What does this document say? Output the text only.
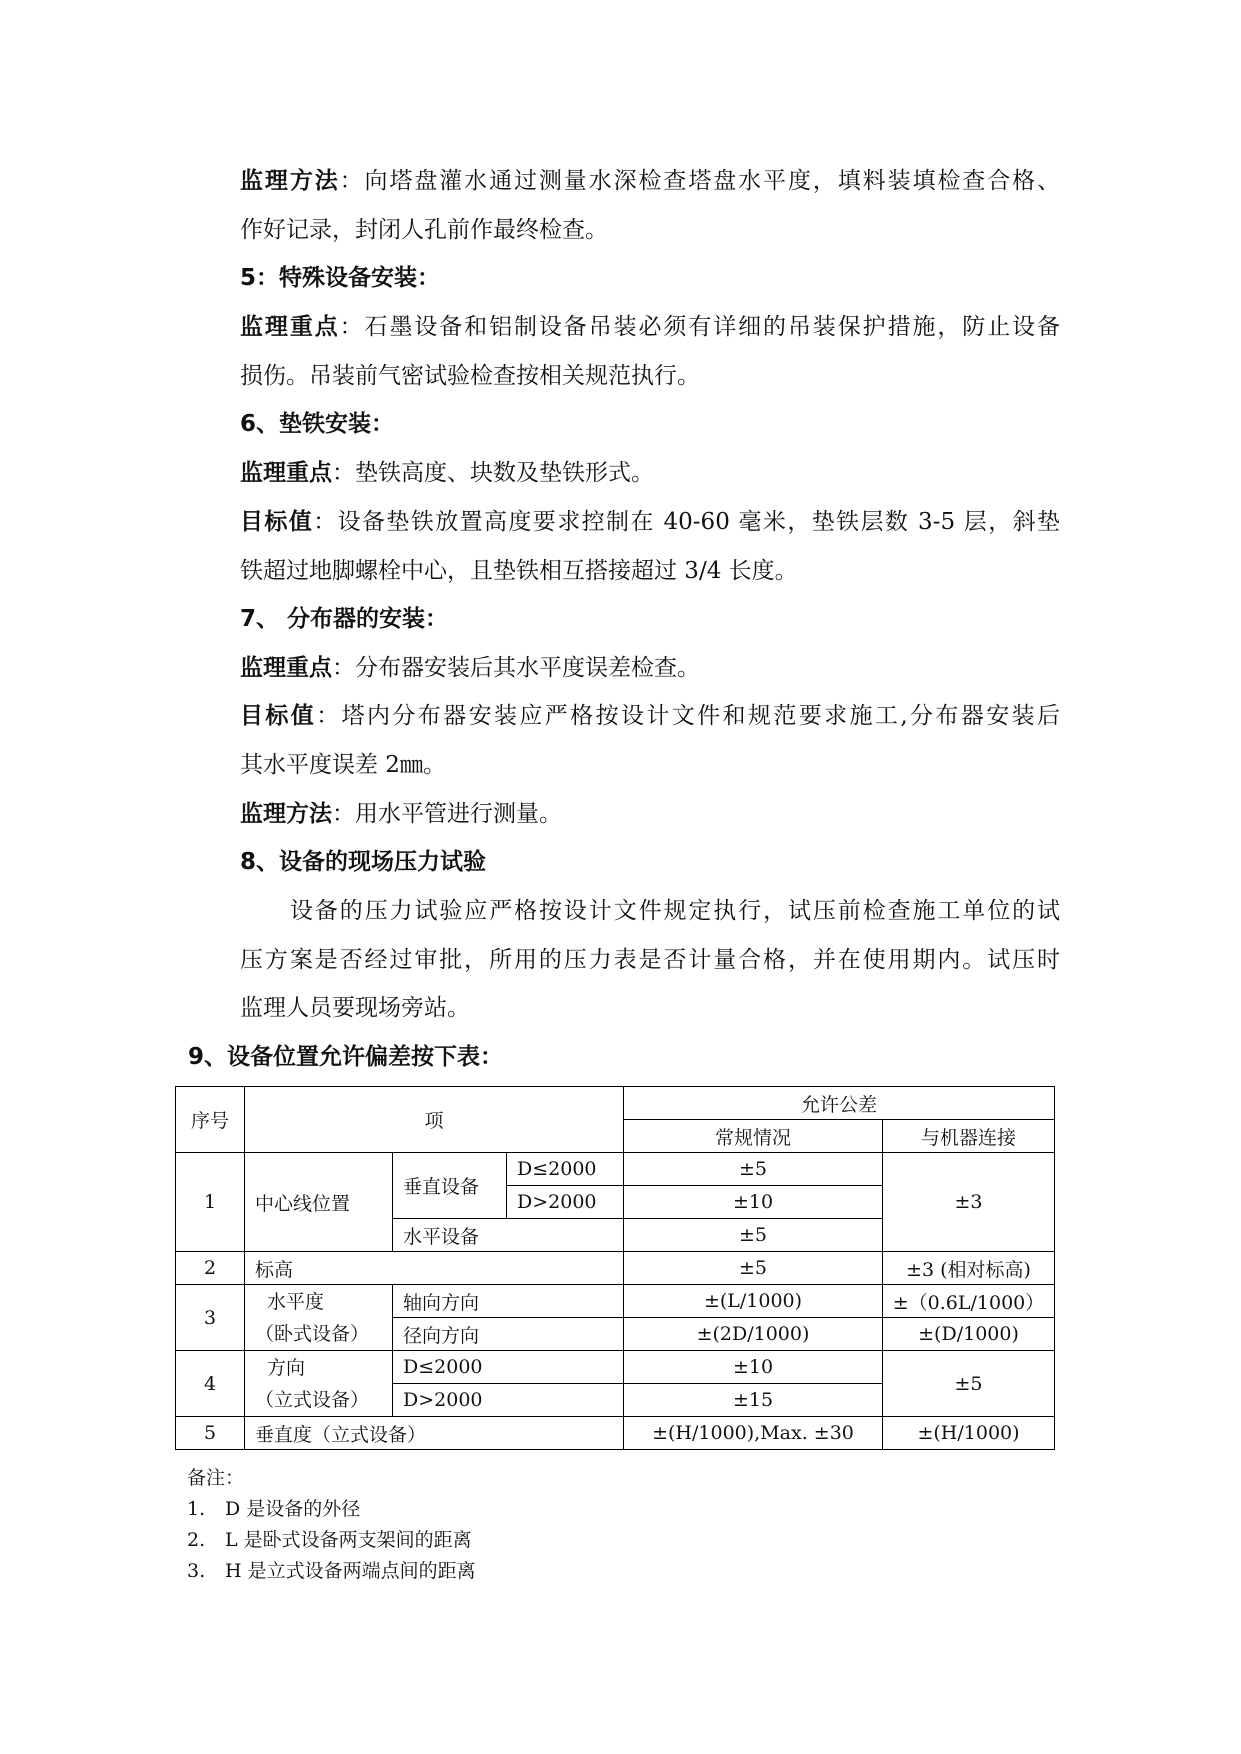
监理方法：向塔盘灌水通过测量水深检查塔盘水平度，填料装填检查合格、
作好记录，封闭人孔前作最终检查。
5：特殊设备安装：
监理重点：石墨设备和铝制设备吊装必须有详细的吊装保护措施，防止设备
损伤。吊装前气密试验检查按相关规范执行。
6、垫铁安装：
监理重点：垫铁高度、块数及垫铁形式。
目标值：设备垫铁放置高度要求控制在 40-60 毫米，垫铁层数 3-5 层，斜垫
铁超过地脚螺栓中心，且垫铁相互搭接超过 3/4 长度。
7、 分布器的安装：
监理重点：分布器安装后其水平度误差检查。
目标值：塔内分布器安装应严格按设计文件和规范要求施工,分布器安装后
其水平度误差 2㎜。
监理方法：用水平管进行测量。
8、设备的现场压力试验
设备的压力试验应严格按设计文件规定执行，试压前检查施工单位的试
压方案是否经过审批，所用的压力表是否计量合格，并在使用期内。试压时
监理人员要现场旁站。
9、设备位置允许偏差按下表：
序号	项			允许公差	
				常规情况	与机器连接
1	中心线位置	垂直设备	D≤2000	±5	±3
			D>2000	±10	
		水平设备		±5	
2	标高			±5	±3 (相对标高)
3	水平度
（卧式设备）	轴向方向		±(L/1000)	±（0.6L/1000）
		径向方向		±(2D/1000)	±(D/1000)
4	方向
（立式设备）	D≤2000		±10	±5
		D>2000		±15	
5	垂直度（立式设备）			±(H/1000),Max. ±30	±(H/1000)
备注：
1. D 是设备的外径
2. L 是卧式设备两支架间的距离
3. H 是立式设备两端点间的距离
